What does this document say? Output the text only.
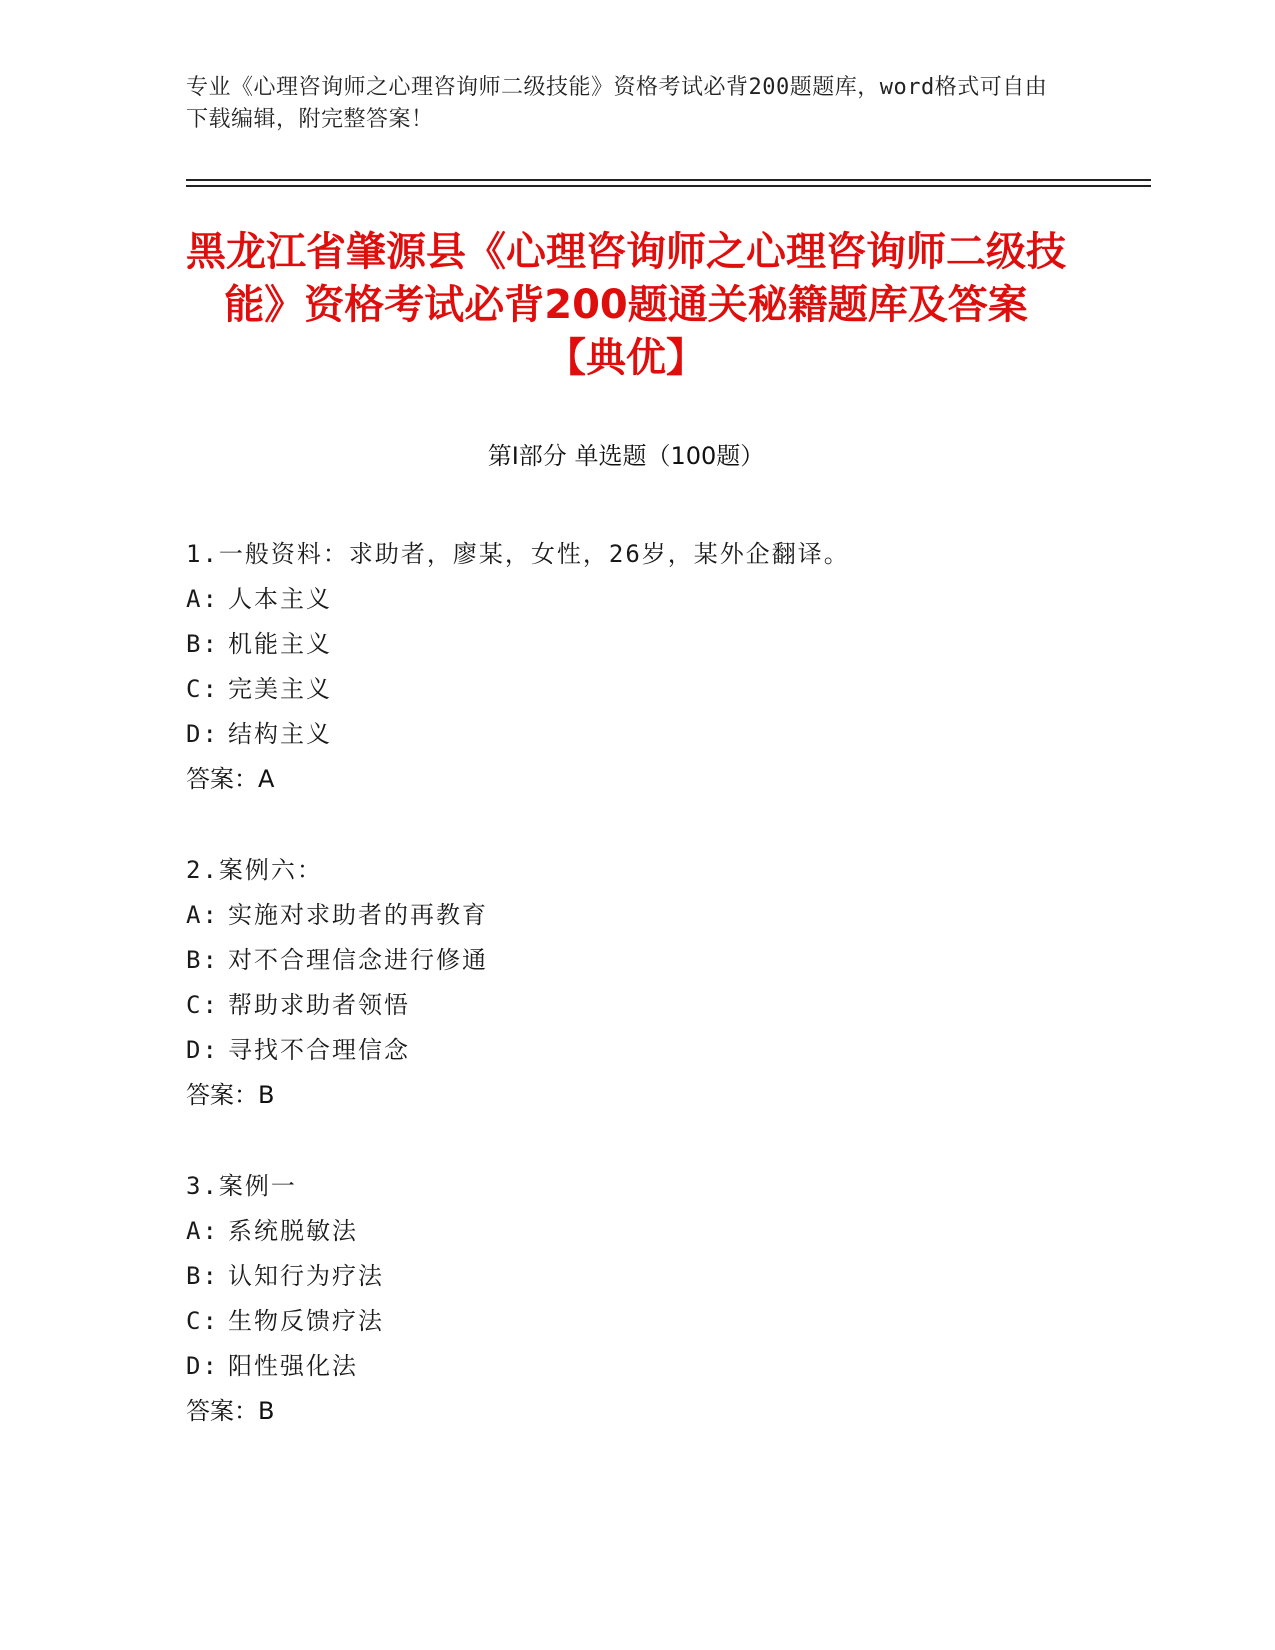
专业《心理咨询师之心理咨询师二级技能》资格考试必背200题题库，word格式可自由下载编辑，附完整答案！
黑龙江省肇源县《心理咨询师之心理咨询师二级技能》资格考试必背200题通关秘籍题库及答案【典优】
第Ⅰ部分 单选题（100题）
1.一般资料：求助者，廖某，女性，26岁，某外企翻译。
A: 人本主义
B: 机能主义
C: 完美主义
D: 结构主义
答案：A
2.案例六：
A: 实施对求助者的再教育
B: 对不合理信念进行修通
C: 帮助求助者领悟
D: 寻找不合理信念
答案：B
3.案例一
A: 系统脱敏法
B: 认知行为疗法
C: 生物反馈疗法
D: 阳性强化法
答案：B
